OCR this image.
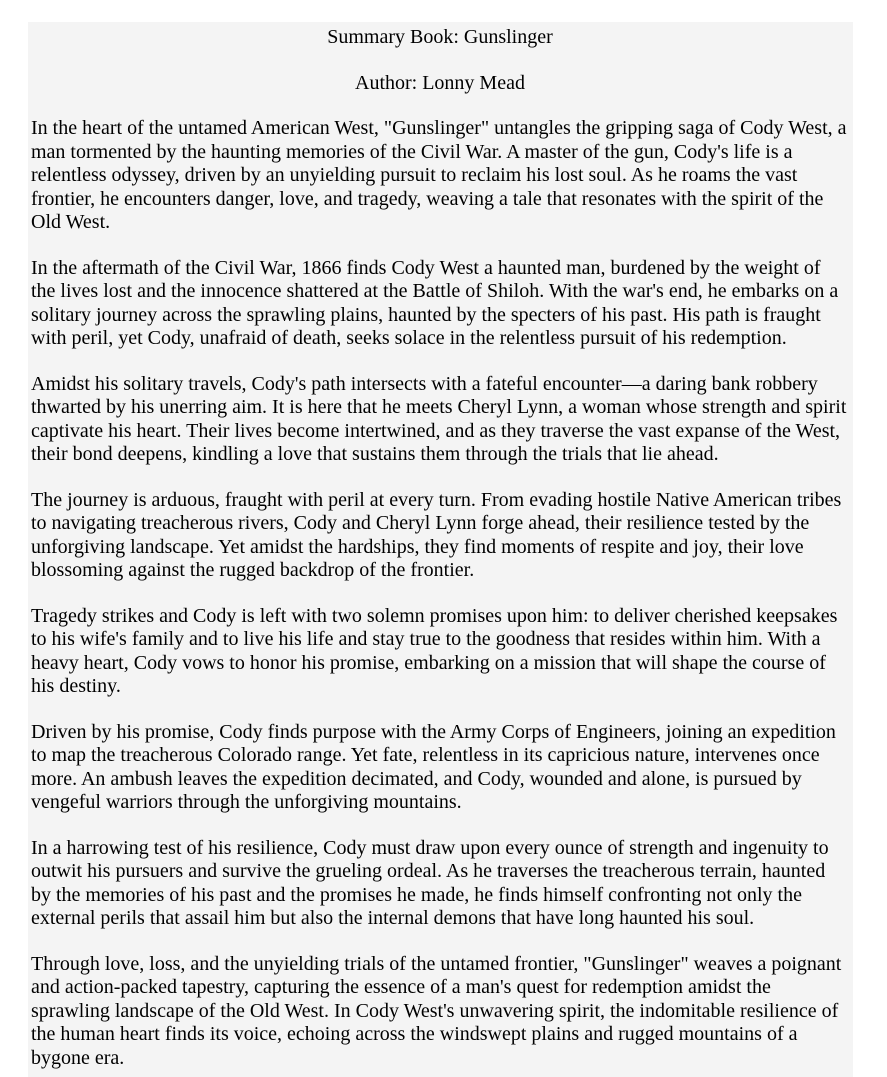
Summary Book: Gunslinger
Author: Lonny Mead

In the heart of the untamed American West, "Gunslinger" untangles the gripping saga of Cody West, a man tormented by the haunting memories of the Civil War. A master of the gun, Cody's life is a relentless odyssey, driven by an unyielding pursuit to reclaim his lost soul. As he roams the vast frontier, he encounters danger, love, and tragedy, weaving a tale that resonates with the spirit of the Old West.

In the aftermath of the Civil War, 1866 finds Cody West a haunted man, burdened by the weight of the lives lost and the innocence shattered at the Battle of Shiloh. With the war's end, he embarks on a solitary journey across the sprawling plains, haunted by the specters of his past. His path is fraught with peril, yet Cody, unafraid of death, seeks solace in the relentless pursuit of his redemption.

Amidst his solitary travels, Cody's path intersects with a fateful encounter—a daring bank robbery thwarted by his unerring aim. It is here that he meets Cheryl Lynn, a woman whose strength and spirit captivate his heart. Their lives become intertwined, and as they traverse the vast expanse of the West, their bond deepens, kindling a love that sustains them through the trials that lie ahead.

The journey is arduous, fraught with peril at every turn. From evading hostile Native American tribes to navigating treacherous rivers, Cody and Cheryl Lynn forge ahead, their resilience tested by the unforgiving landscape. Yet amidst the hardships, they find moments of respite and joy, their love blossoming against the rugged backdrop of the frontier.

Tragedy strikes and Cody is left with two solemn promises upon him: to deliver cherished keepsakes to his wife's family and to live his life and stay true to the goodness that resides within him. With a heavy heart, Cody vows to honor his promise, embarking on a mission that will shape the course of his destiny.

Driven by his promise, Cody finds purpose with the Army Corps of Engineers, joining an expedition to map the treacherous Colorado range. Yet fate, relentless in its capricious nature, intervenes once more. An ambush leaves the expedition decimated, and Cody, wounded and alone, is pursued by vengeful warriors through the unforgiving mountains.

In a harrowing test of his resilience, Cody must draw upon every ounce of strength and ingenuity to outwit his pursuers and survive the grueling ordeal. As he traverses the treacherous terrain, haunted by the memories of his past and the promises he made, he finds himself confronting not only the external perils that assail him but also the internal demons that have long haunted his soul.

Through love, loss, and the unyielding trials of the untamed frontier, "Gunslinger" weaves a poignant and action-packed tapestry, capturing the essence of a man's quest for redemption amidst the sprawling landscape of the Old West. In Cody West's unwavering spirit, the indomitable resilience of the human heart finds its voice, echoing across the windswept plains and rugged mountains of a bygone era.
